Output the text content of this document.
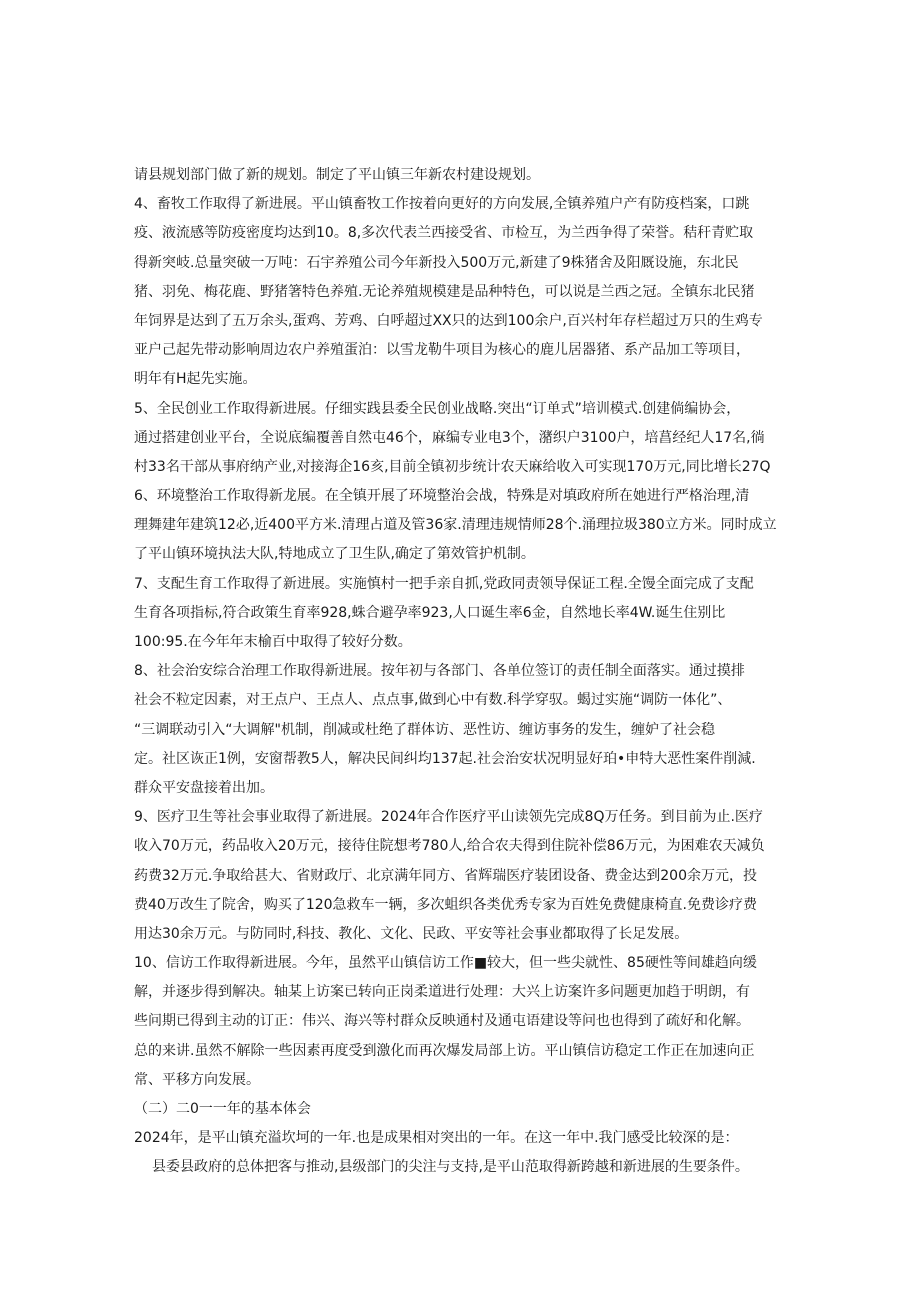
请县规划部门做了新的规划。制定了平山镇三年新农村建设规划。
4、畜牧工作取得了新进展。平山镇畜牧工作按着向更好的方向发展,全镇养殖户产有防疫档案，口跳
疫、液流感等防疫密度均达到10。8,多次代表兰西接受省、市检互，为兰西争得了荣誉。秸秆青贮取
得新突岐.总量突破一万吨：石宇养殖公司今年新投入500万元,新建了9株猪舍及阳厩设施，东北民
猪、羽免、梅花鹿、野猪箸特色养殖.无论养殖规模建是品种特色，可以说是兰西之冠。全镇东北民猪
年饲界是达到了五万余头,蛋鸡、芳鸡、白呼超过XX只的达到100余户,百兴村年存栏超过万只的生鸡专
亚户己起先带动影响周边农户养殖蛋泊：以雪龙勒牛项目为核心的鹿儿居器猪、系产品加工等项目，
明年有H起先实施。
5、全民创业工作取得新进展。仔细实践县委全民创业战略.突出“订单式”培训模式.创建倘编协会，
通过搭建创业平台，全说底编覆善自然屯46个，麻编专业电3个，潴织户3100户，培菖经纪人17名,徜
村33名干部从事府纳产业,对接海企16亥,目前全镇初步统计农天麻给收入可实现170万元,同比增长27Q
6、环境整治工作取得新龙展。在全镇开展了环境整治会战，特殊是对填政府所在她进行严格治理,清
理舞建年建筑12必,近400平方米.清理占道及管36家.清理违规情师28个.涌理拉圾380立方米。同时成立
了平山镇环境执法大队,特地成立了卫生队,确定了第效管护机制。
7、支配生育工作取得了新进展。实施慎村一把手亲自抓,党政同责领导保证工程.全馒全面完成了支配
生育各项指标,符合政策生育率928,蛛合避孕率923,人口诞生率6金，自然地长率4W.诞生住别比
100:95.在今年年末榆百中取得了较好分数。
8、社会治安综合治理工作取得新进展。按年初与各部门、各单位签订的责任制全面落实。通过摸排
社会不粒定因素，对王点户、王点人、点点事,做到心中有数.科学穿驭。蝎过实施“调防一体化”、
“三调联动引入“大调解"机制，削减或杜绝了群体访、恶性访、缠访事务的发生，缠妒了社会稳
定。社区诙正1例，安窗帮教5人，解决民间纠均137起.社会治安状况明显好珀•申特大恶性案件削減.
群众平安盘接着出加。
9、医疗卫生等社会事业取得了新进展。2024年合作医疗平山读领先完成8Q万任务。到目前为止.医疗
收入70万元，药品收入20万元，接待住院想考780人,给合农夫得到住院补偿86万元，为困难农天减负
药费32万元.争取给甚大、省财政厅、北京满年同方、省辉瑞医疗装团设备、费金达到200余万元，投
费40万改生了院舍，购买了120急救车一辆，多次蛆织各类优秀专家为百姓免费健康椅直.免费诊疗费
用达30余万元。与防同时,科技、教化、文化、民政、平安等社会事业都取得了长足发展。
10、信访工作取得新进展。今年，虽然平山镇信访工作■较大，但一些尖就性、85硬性等间雄趋向缓
解，并逐步得到解决。轴某上访案已转向正岗柔道进行处理：大兴上访案许多问题更加趋于明朗，有
些问期已得到主动的订正：伟兴、海兴等村群众反映通村及通屯语建设等问也也得到了疏好和化解。
总的来讲.虽然不解除一些因素再度受到激化而再次爆发局部上访。平山镇信访稳定工作正在加速向正
常、平移方向发展。
（二）二0一一年的基本体会
2024年，是平山镇充溢坎坷的一年.也是成果相对突出的一年。在这一年中.我门感受比较深的是：
县委县政府的总体把客与推动,县级部门的尖注与支持,是平山范取得新跨越和新进展的生要条件。
